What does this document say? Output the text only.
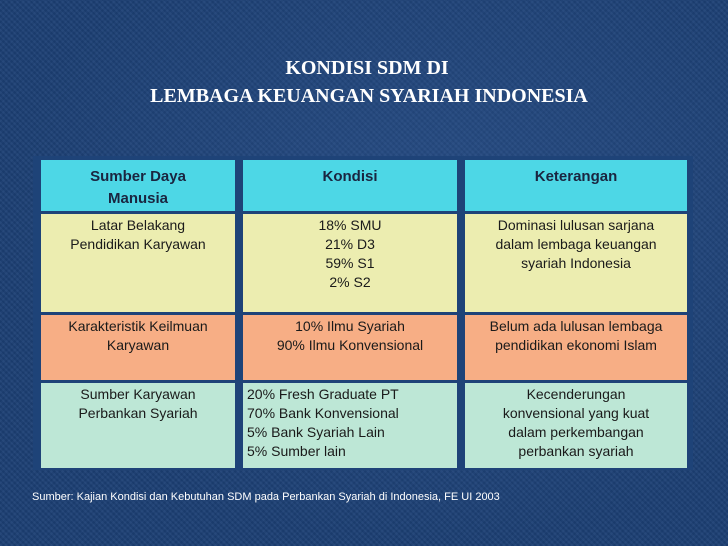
KONDISI SDM DI
LEMBAGA KEUANGAN SYARIAH INDONESIA
Sumber Daya
Manusia
Kondisi	Keterangan
Latar Belakang
Pendidikan Karyawan
18% SMU
21% D3
59% S1
2% S2
Dominasi lulusan sarjana
dalam lembaga keuangan
syariah Indonesia
Karakteristik Keilmuan
Karyawan
10% Ilmu Syariah
90% Ilmu Konvensional
Belum ada lulusan lembaga
pendidikan ekonomi Islam
Sumber Karyawan
Perbankan Syariah
20% Fresh Graduate PT
70% Bank Konvensional
5% Bank Syariah Lain
5% Sumber lain
Kecenderungan
konvensional yang kuat
dalam perkembangan
perbankan syariah
Sumber: Kajian Kondisi dan Kebutuhan SDM pada Perbankan Syariah di Indonesia, FE UI 2003
